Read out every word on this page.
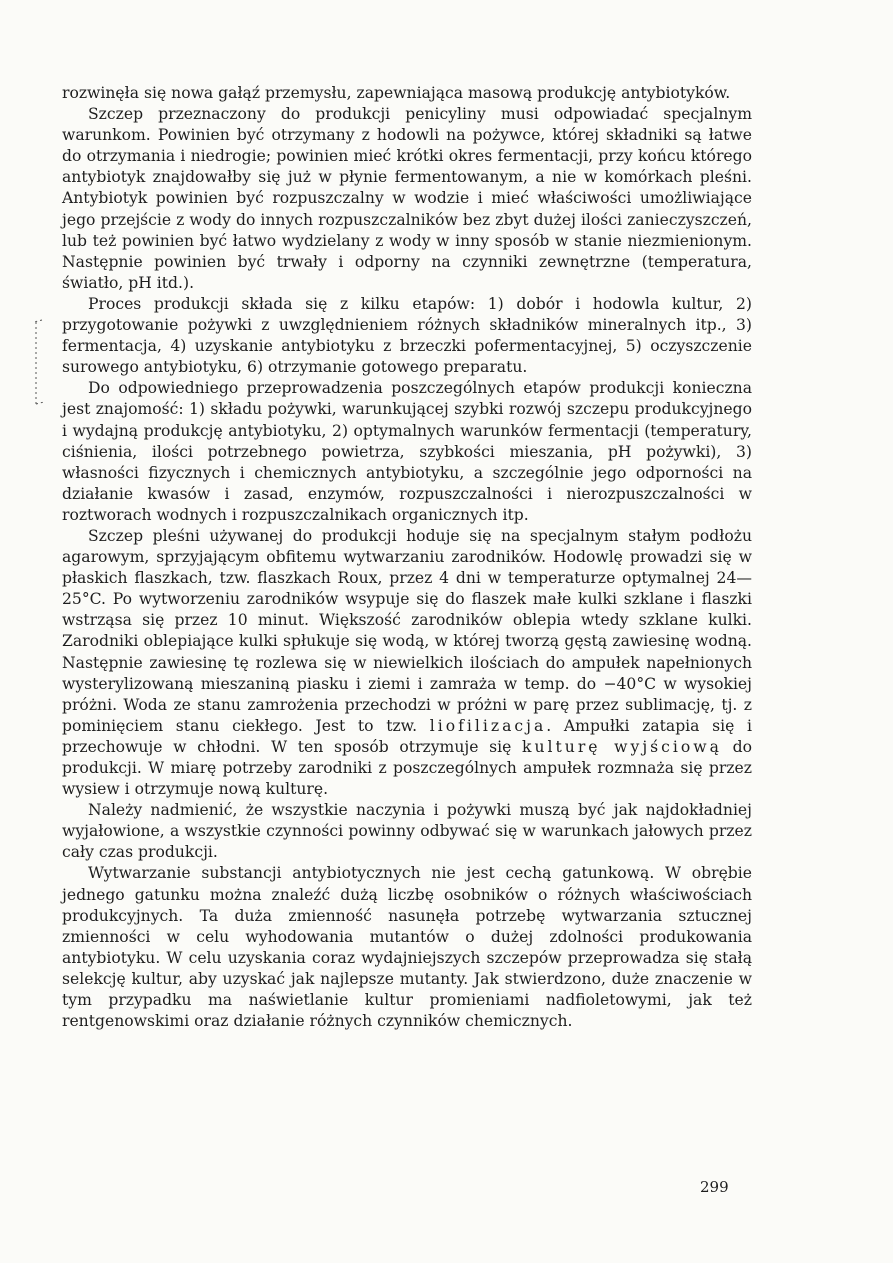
rozwinęła się nowa gałąź przemysłu, zapewniająca masową produkcję antybiotyków.

Szczep przeznaczony do produkcji penicyliny musi odpowiadać specjalnym warunkom. Powinien być otrzymany z hodowli na pożywce, której składniki są łatwe do otrzymania i niedrogie; powinien mieć krótki okres fermentacji, przy końcu którego antybiotyk znajdowałby się już w płynie fermentowanym, a nie w komórkach pleśni. Antybiotyk powinien być rozpuszczalny w wodzie i mieć właściwości umożliwiające jego przejście z wody do innych rozpuszczalników bez zbyt dużej ilości zanieczyszczeń, lub też powinien być łatwo wydzielany z wody w inny sposób w stanie niezmienionym. Następnie powinien być trwały i odporny na czynniki zewnętrzne (temperatura, światło, pH itd.).

Proces produkcji składa się z kilku etapów: 1) dobór i hodowla kultur, 2) przygotowanie pożywki z uwzględnieniem różnych składników mineralnych itp., 3) fermentacja, 4) uzyskanie antybiotyku z brzeczki pofermentacyjnej, 5) oczyszczenie surowego antybiotyku, 6) otrzymanie gotowego preparatu.

Do odpowiedniego przeprowadzenia poszczególnych etapów produkcji konieczna jest znajomość: 1) składu pożywki, warunkującej szybki rozwój szczepu produkcyjnego i wydajną produkcję antybiotyku, 2) optymalnych warunków fermentacji (temperatury, ciśnienia, ilości potrzebnego powietrza, szybkości mieszania, pH pożywki), 3) własności fizycznych i chemicznych antybiotyku, a szczególnie jego odporności na działanie kwasów i zasad, enzymów, rozpuszczalności i nierozpuszczalności w roztworach wodnych i rozpuszczalnikach organicznych itp.

Szczep pleśni używanej do produkcji hoduje się na specjalnym stałym podłożu agarowym, sprzyjającym obfitemu wytwarzaniu zarodników. Hodowlę prowadzi się w płaskich flaszkach, tzw. flaszkach Roux, przez 4 dni w temperaturze optymalnej 24—25°C. Po wytworzeniu zarodników wsypuje się do flaszek małe kulki szklane i flaszki wstrząsa się przez 10 minut. Większość zarodników oblepia wtedy szklane kulki. Zarodniki oblepiające kulki spłukuje się wodą, w której tworzą gęstą zawiesinę wodną. Następnie zawiesinę tę rozlewa się w niewielkich ilościach do ampułek napełnionych wysterylizowaną mieszaniną piasku i ziemi i zamraża w temp. do −40°C w wysokiej próżni. Woda ze stanu zamrożenia przechodzi w próżni w parę przez sublimację, tj. z pominięciem stanu ciekłego. Jest to tzw. liofilizacja. Ampułki zatapia się i przechowuje w chłodni. W ten sposób otrzymuje się kulturę wyjściową do produkcji. W miarę potrzeby zarodniki z poszczególnych ampułek rozmnaża się przez wysiew i otrzymuje nową kulturę.

Należy nadmienić, że wszystkie naczynia i pożywki muszą być jak najdokładniej wyjałowione, a wszystkie czynności powinny odbywać się w warunkach jałowych przez cały czas produkcji.

Wytwarzanie substancji antybiotycznych nie jest cechą gatunkową. W obrębie jednego gatunku można znaleźć dużą liczbę osobników o różnych właściwościach produkcyjnych. Ta duża zmienność nasunęła potrzebę wytwarzania sztucznej zmienności w celu wyhodowania mutantów o dużej zdolności produkowania antybiotyku. W celu uzyskania coraz wydajniejszych szczepów przeprowadza się stałą selekcję kultur, aby uzyskać jak najlepsze mutanty. Jak stwierdzono, duże znaczenie w tym przypadku ma naświetlanie kultur promieniami nadfioletowymi, jak też rentgenowskimi oraz działanie różnych czynników chemicznych.

299
